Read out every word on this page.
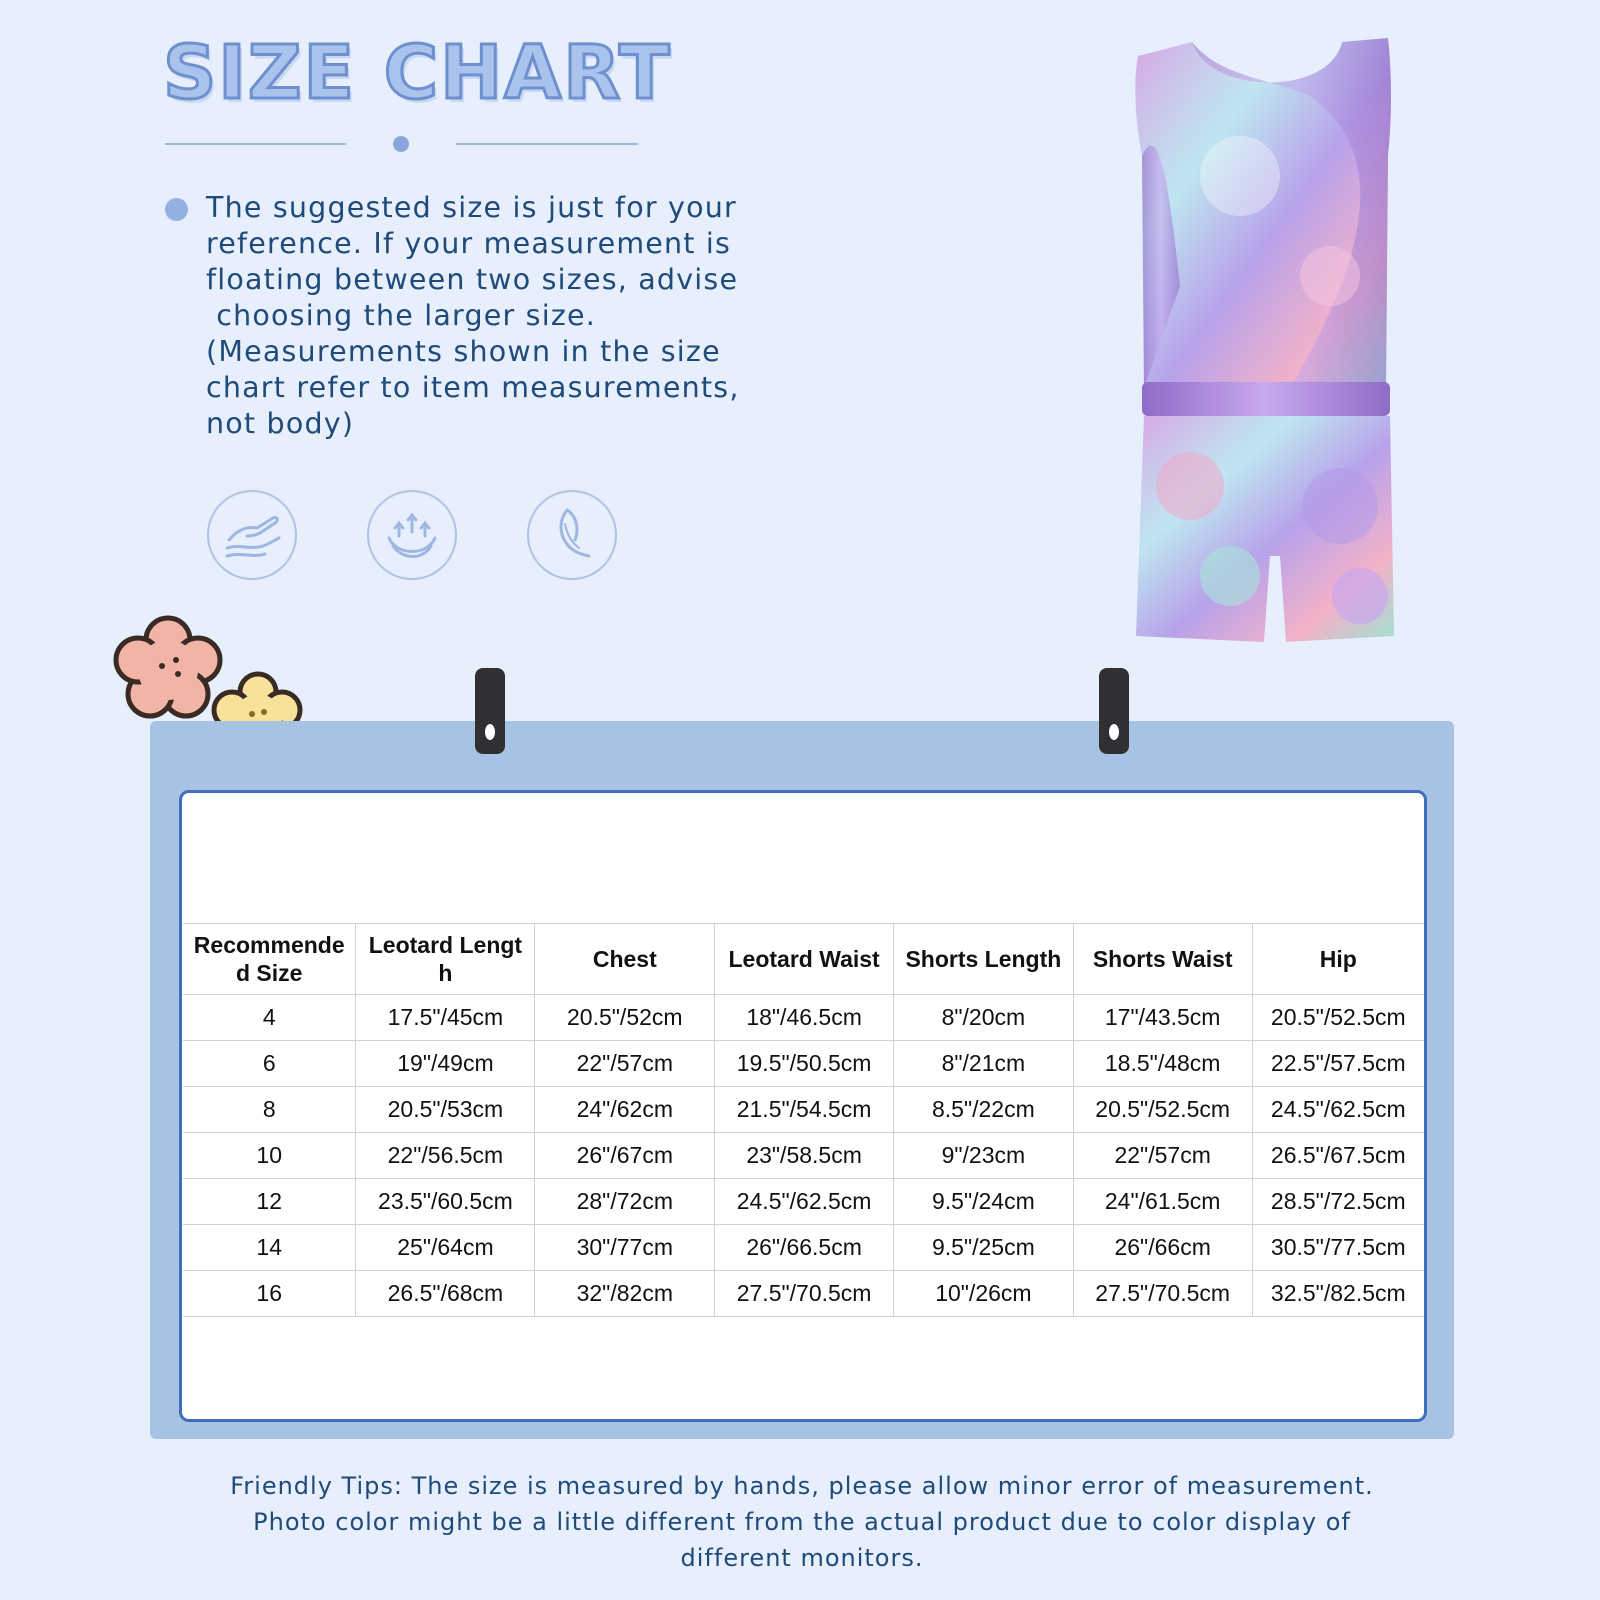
SIZE CHART
The suggested size is just for your
reference. If your measurement is
floating between two sizes, advise
choosing the larger size.
(Measurements shown in the size
chart refer to item measurements,
not body)
Recommended Size	Leotard Length	Chest	Leotard Waist	Shorts Length	Shorts Waist	Hip
4	17.5"/45cm	20.5"/52cm	18"/46.5cm	8"/20cm	17"/43.5cm	20.5"/52.5cm
6	19"/49cm	22"/57cm	19.5"/50.5cm	8"/21cm	18.5"/48cm	22.5"/57.5cm
8	20.5"/53cm	24"/62cm	21.5"/54.5cm	8.5"/22cm	20.5"/52.5cm	24.5"/62.5cm
10	22"/56.5cm	26"/67cm	23"/58.5cm	9"/23cm	22"/57cm	26.5"/67.5cm
12	23.5"/60.5cm	28"/72cm	24.5"/62.5cm	9.5"/24cm	24"/61.5cm	28.5"/72.5cm
14	25"/64cm	30"/77cm	26"/66.5cm	9.5"/25cm	26"/66cm	30.5"/77.5cm
16	26.5"/68cm	32"/82cm	27.5"/70.5cm	10"/26cm	27.5"/70.5cm	32.5"/82.5cm
Friendly Tips: The size is measured by hands, please allow minor error of measurement.
Photo color might be a little different from the actual product due to color display of
different monitors.
